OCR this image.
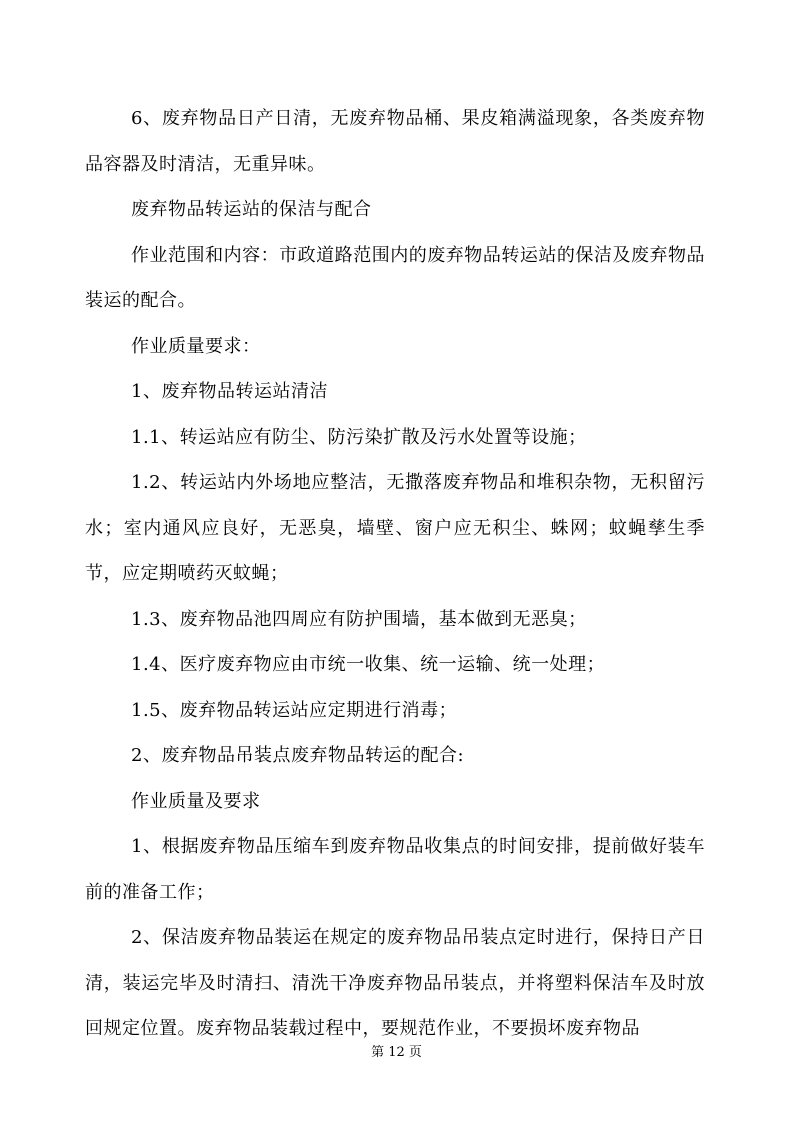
6、废弃物品日产日清，无废弃物品桶、果皮箱满溢现象，各类废弃物品容器及时清洁，无重异味。

废弃物品转运站的保洁与配合

作业范围和内容：市政道路范围内的废弃物品转运站的保洁及废弃物品装运的配合。

作业质量要求：

1、废弃物品转运站清洁

1.1、转运站应有防尘、防污染扩散及污水处置等设施；

1.2、转运站内外场地应整洁，无撒落废弃物品和堆积杂物，无积留污水；室内通风应良好，无恶臭，墙壁、窗户应无积尘、蛛网；蚊蝇孳生季节，应定期喷药灭蚊蝇；

1.3、废弃物品池四周应有防护围墙，基本做到无恶臭；

1.4、医疗废弃物应由市统一收集、统一运输、统一处理；

1.5、废弃物品转运站应定期进行消毒；

2、废弃物品吊装点废弃物品转运的配合:

作业质量及要求

1、根据废弃物品压缩车到废弃物品收集点的时间安排，提前做好装车前的准备工作；

2、保洁废弃物品装运在规定的废弃物品吊装点定时进行，保持日产日清，装运完毕及时清扫、清洗干净废弃物品吊装点，并将塑料保洁车及时放回规定位置。废弃物品装载过程中，要规范作业，不要损坏废弃物品

第 12 页
